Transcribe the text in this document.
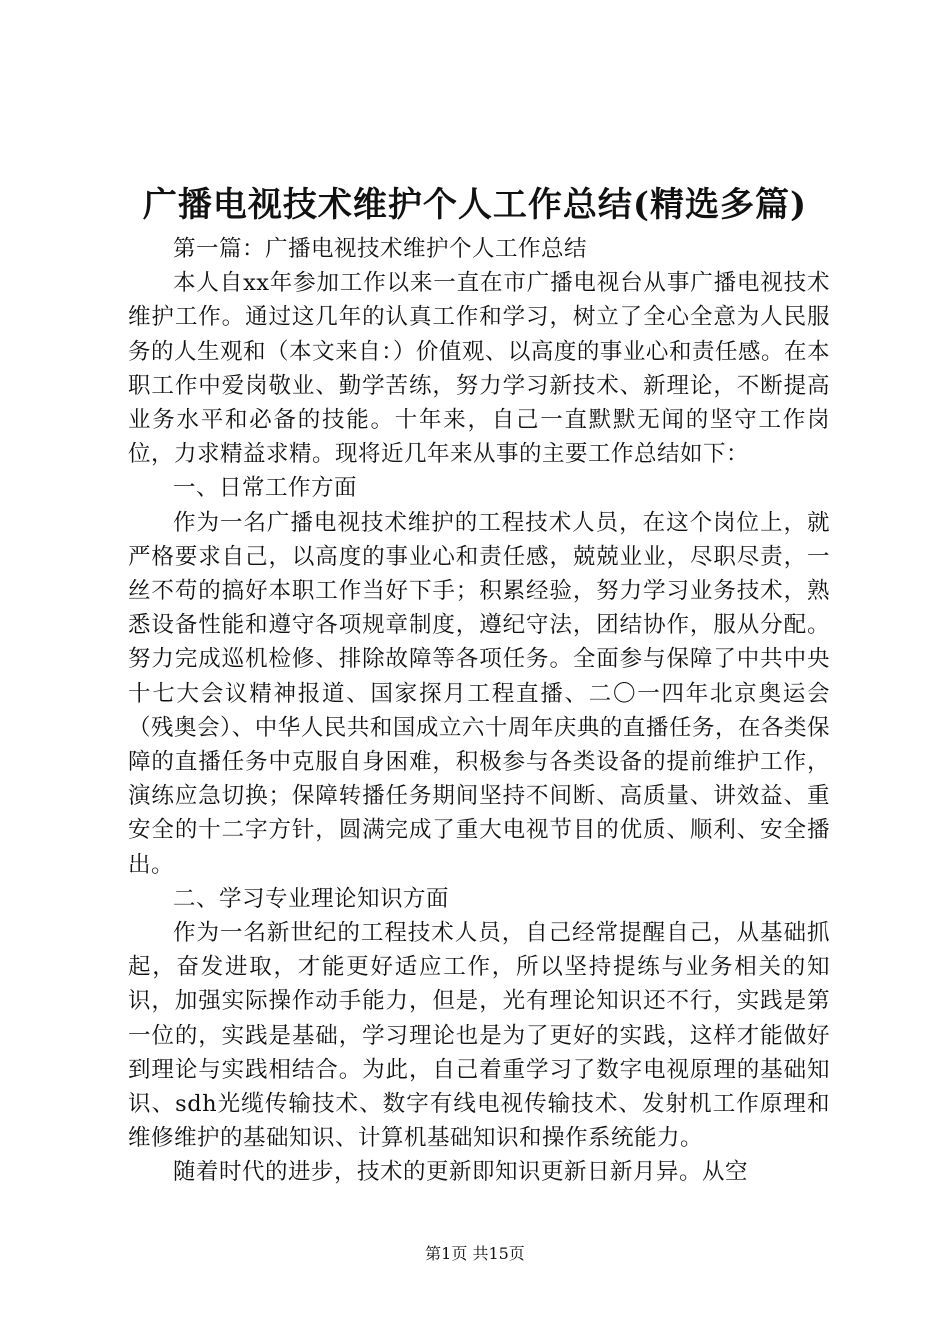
广播电视技术维护个人工作总结(精选多篇)

第一篇：广播电视技术维护个人工作总结

本人自xx年参加工作以来一直在市广播电视台从事广播电视技术维护工作。通过这几年的认真工作和学习，树立了全心全意为人民服务的人生观和（本文来自：）价值观、以高度的事业心和责任感。在本职工作中爱岗敬业、勤学苦练，努力学习新技术、新理论，不断提高业务水平和必备的技能。十年来，自己一直默默无闻的坚守工作岗位，力求精益求精。现将近几年来从事的主要工作总结如下：

一、日常工作方面

作为一名广播电视技术维护的工程技术人员，在这个岗位上，就严格要求自己，以高度的事业心和责任感，兢兢业业，尽职尽责，一丝不苟的搞好本职工作当好下手；积累经验，努力学习业务技术，熟悉设备性能和遵守各项规章制度，遵纪守法，团结协作，服从分配。努力完成巡机检修、排除故障等各项任务。全面参与保障了中共中央十七大会议精神报道、国家探月工程直播、二〇一四年北京奥运会（残奥会）、中华人民共和国成立六十周年庆典的直播任务，在各类保障的直播任务中克服自身困难，积极参与各类设备的提前维护工作，演练应急切换；保障转播任务期间坚持不间断、高质量、讲效益、重安全的十二字方针，圆满完成了重大电视节目的优质、顺利、安全播出。

二、学习专业理论知识方面

作为一名新世纪的工程技术人员，自己经常提醒自己，从基础抓起，奋发进取，才能更好适应工作，所以坚持提练与业务相关的知识，加强实际操作动手能力，但是，光有理论知识还不行，实践是第一位的，实践是基础，学习理论也是为了更好的实践，这样才能做好到理论与实践相结合。为此，自己着重学习了数字电视原理的基础知识、sdh光缆传输技术、数字有线电视传输技术、发射机工作原理和维修维护的基础知识、计算机基础知识和操作系统能力。

随着时代的进步，技术的更新即知识更新日新月异。从空

第1页 共15页
